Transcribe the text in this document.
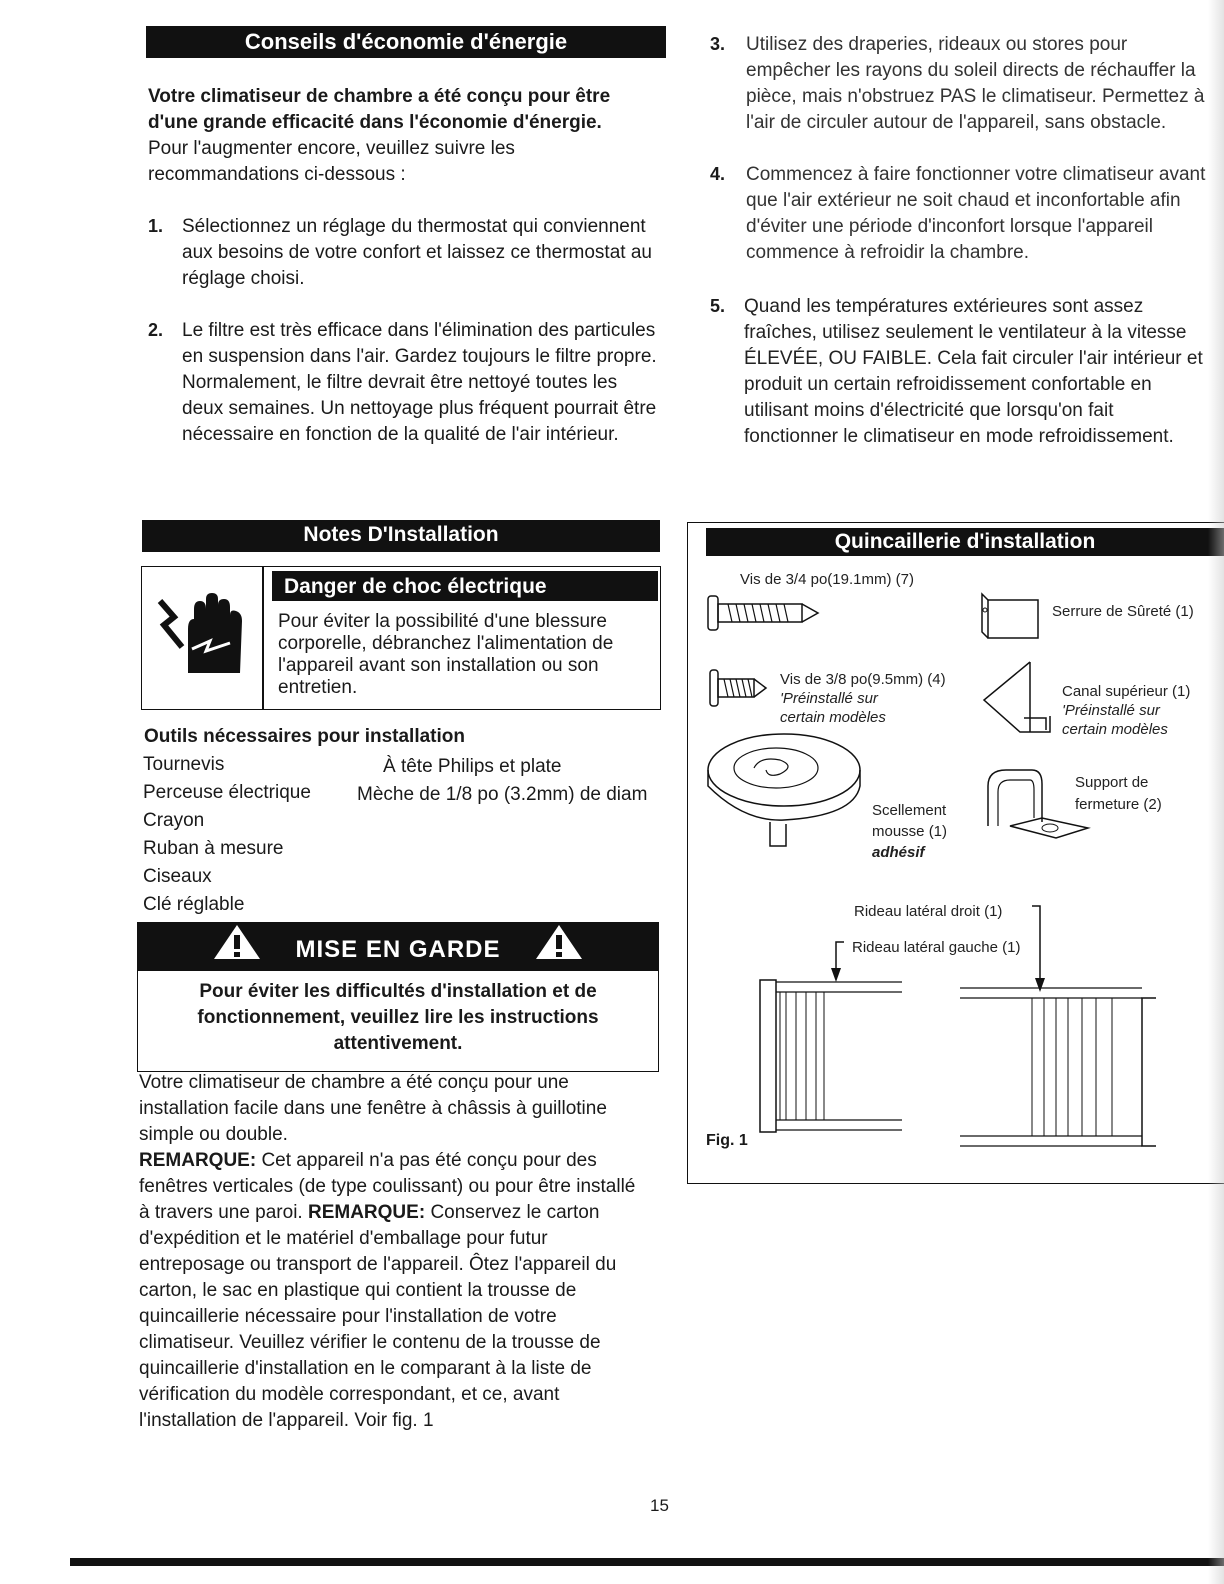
Conseils d'économie d'énergie

Votre climatiseur de chambre a été conçu pour être d'une grande efficacité dans l'économie d'énergie.

Pour l'augmenter encore, veuillez suivre les recommandations ci-dessous :

1. Sélectionnez un réglage du thermostat qui conviennent aux besoins de votre confort et laissez ce thermostat au réglage choisi.

2. Le filtre est très efficace dans l'élimination des particules en suspension dans l'air. Gardez toujours le filtre propre. Normalement, le filtre devrait être nettoyé toutes les deux semaines. Un nettoyage plus fréquent pourrait être nécessaire en fonction de la qualité de l'air intérieur.

Notes D'Installation
Danger de choc électrique

Pour éviter la possibilité d'une blessure corporelle, débranchez l'alimentation de l'appareil avant son installation ou son entretien.

Outils nécessaires pour installation
Tournevis	À tête Philips et plate
Perceuse électrique Mèche de 1/8 po (3.2mm) de diam
Crayon
Ruban à mesure
Ciseaux
Clé réglable
MISE EN GARDE

Pour éviter les difficultés d'installation et de fonctionnement, veuillez lire les instructions attentivement.

Votre climatiseur de chambre a été conçu pour une installation facile dans une fenêtre à châssis à guillotine simple ou double.

REMARQUE: Cet appareil n'a pas été conçu pour des fenêtres verticales (de type coulissant) ou pour être installé à travers une paroi. REMARQUE: Conservez le carton d'expédition et le matériel d'emballage pour futur entreposage ou transport de l'appareil. Ôtez l'appareil du carton, le sac en plastique qui contient la trousse de quincaillerie nécessaire pour l'installation de votre climatiseur. Veuillez vérifier le contenu de la trousse de quincaillerie d'installation en le comparant à la liste de vérification du modèle correspondant, et ce, avant l'installation de l'appareil. Voir fig. 1

3. Utilisez des draperies, rideaux ou stores pour empêcher les rayons du soleil directs de réchauffer la pièce, mais n'obstruez PAS le climatiseur. Permettez à l'air de circuler autour de l'appareil, sans obstacle.

4. Commencez à faire fonctionner votre climatiseur avant que l'air extérieur ne soit chaud et inconfortable afin d'éviter une période d'inconfort lorsque l'appareil commence à refroidir la chambre.

5. Quand les températures extérieures sont assez fraîches, utilisez seulement le ventilateur à la vitesse ÉLEVÉE, OU FAIBLE. Cela fait circuler l'air intérieur et produit un certain refroidissement confortable en utilisant moins d'électricité que lorsqu'on fait fonctionner le climatiseur en mode refroidissement.

Quincaillerie d'installation
Vis de 3/4 po(19.1mm) (7)
Serrure de Sûreté (1)
Vis de 3/8 po(9.5mm) (4)
'Préinstallé sur
certain modèles
Canal supérieur (1)
'Préinstallé sur
certain modèles
Scellement
mousse (1)
adhésif
Support de
fermeture (2)
Rideau latéral droit (1)
Rideau latéral gauche (1)
Fig. 1
15
